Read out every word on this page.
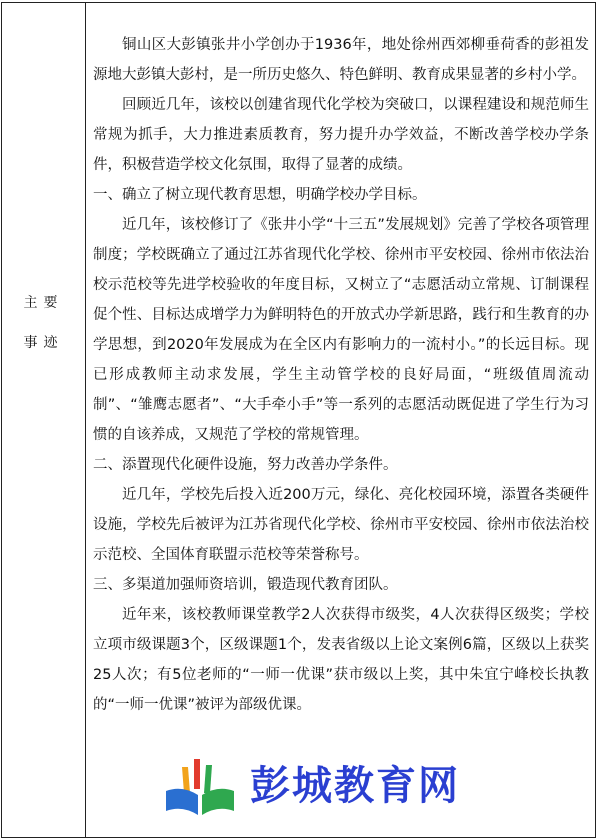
主要
事迹

铜山区大彭镇张井小学创办于1936年，地处徐州西郊柳垂荷香的彭祖发源地大彭镇大彭村，是一所历史悠久、特色鲜明、教育成果显著的乡村小学。

回顾近几年，该校以创建省现代化学校为突破口，以课程建设和规范师生常规为抓手，大力推进素质教育，努力提升办学效益，不断改善学校办学条件，积极营造学校文化氛围，取得了显著的成绩。

一、确立了树立现代教育思想，明确学校办学目标。

近几年，该校修订了《张井小学“十三五”发展规划》完善了学校各项管理制度；学校既确立了通过江苏省现代化学校、徐州市平安校园、徐州市依法治校示范校等先进学校验收的年度目标，又树立了“志愿活动立常规、订制课程促个性、目标达成增学力为鲜明特色的开放式办学新思路，践行和生教育的办学思想，到2020年发展成为在全区内有影响力的一流村小。”的长远目标。现已形成教师主动求发展，学生主动管学校的良好局面，“班级值周流动制”、“雏鹰志愿者”、“大手牵小手”等一系列的志愿活动既促进了学生行为习惯的自该养成，又规范了学校的常规管理。

二、添置现代化硬件设施，努力改善办学条件。

近几年，学校先后投入近200万元，绿化、亮化校园环境，添置各类硬件设施，学校先后被评为江苏省现代化学校、徐州市平安校园、徐州市依法治校示范校、全国体育联盟示范校等荣誉称号。

三、多渠道加强师资培训，锻造现代教育团队。

近年来，该校教师课堂教学2人次获得市级奖，4人次获得区级奖；学校立项市级课题3个，区级课题1个，发表省级以上论文案例6篇，区级以上获奖25人次；有5位老师的“一师一优课”获市级以上奖，其中朱宜宁峰校长执教的“一师一优课”被评为部级优课。

彭城教育网
